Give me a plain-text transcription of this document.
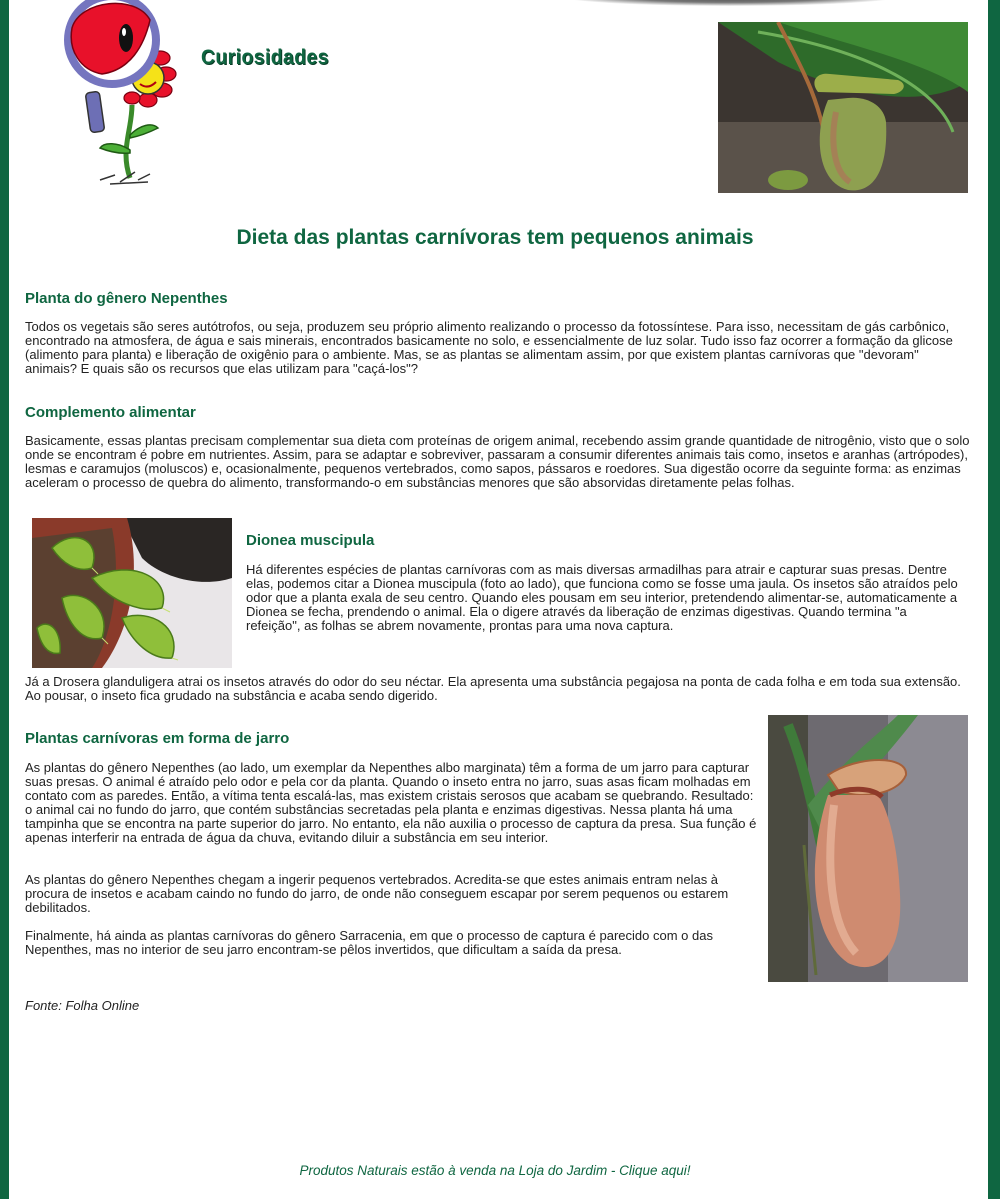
Curiosidades
Dieta das plantas carnívoras tem pequenos animais
Planta do gênero Nepenthes

Todos os vegetais são seres autótrofos, ou seja, produzem seu próprio alimento realizando o processo da fotossíntese. Para isso, necessitam de gás carbônico, encontrado na atmosfera, de água e sais minerais, encontrados basicamente no solo, e essencialmente de luz solar. Tudo isso faz ocorrer a formação da glicose (alimento para planta) e liberação de oxigênio para o ambiente. Mas, se as plantas se alimentam assim, por que existem plantas carnívoras que "devoram" animais? E quais são os recursos que elas utilizam para "caçá-los"?

Complemento alimentar

Basicamente, essas plantas precisam complementar sua dieta com proteínas de origem animal, recebendo assim grande quantidade de nitrogênio, visto que o solo onde se encontram é pobre em nutrientes. Assim, para se adaptar e sobreviver, passaram a consumir diferentes animais tais como, insetos e aranhas (artrópodes), lesmas e caramujos (moluscos) e, ocasionalmente, pequenos vertebrados, como sapos, pássaros e roedores. Sua digestão ocorre da seguinte forma: as enzimas aceleram o processo de quebra do alimento, transformando-o em substâncias menores que são absorvidas diretamente pelas folhas.

Dionea muscipula

Há diferentes espécies de plantas carnívoras com as mais diversas armadilhas para atrair e capturar suas presas. Dentre elas, podemos citar a Dionea muscipula (foto ao lado), que funciona como se fosse uma jaula. Os insetos são atraídos pelo odor que a planta exala de seu centro. Quando eles pousam em seu interior, pretendendo alimentar-se, automaticamente a Dionea se fecha, prendendo o animal. Ela o digere através da liberação de enzimas digestivas. Quando termina "a refeição", as folhas se abrem novamente, prontas para uma nova captura.

Já a Drosera glanduligera atrai os insetos através do odor do seu néctar. Ela apresenta uma substância pegajosa na ponta de cada folha e em toda sua extensão. Ao pousar, o inseto fica grudado na substância e acaba sendo digerido.

Plantas carnívoras em forma de jarro

As plantas do gênero Nepenthes (ao lado, um exemplar da Nepenthes albo marginata) têm a forma de um jarro para capturar suas presas. O animal é atraído pelo odor e pela cor da planta. Quando o inseto entra no jarro, suas asas ficam molhadas em contato com as paredes. Então, a vítima tenta escalá-las, mas existem cristais serosos que acabam se quebrando. Resultado: o animal cai no fundo do jarro, que contém substâncias secretadas pela planta e enzimas digestivas. Nessa planta há uma tampinha que se encontra na parte superior do jarro. No entanto, ela não auxilia o processo de captura da presa. Sua função é apenas interferir na entrada de água da chuva, evitando diluir a substância em seu interior.

As plantas do gênero Nepenthes chegam a ingerir pequenos vertebrados. Acredita-se que estes animais entram nelas à procura de insetos e acabam caindo no fundo do jarro, de onde não conseguem escapar por serem pequenos ou estarem debilitados.

Finalmente, há ainda as plantas carnívoras do gênero Sarracenia, em que o processo de captura é parecido com o das Nepenthes, mas no interior de seu jarro encontram-se pêlos invertidos, que dificultam a saída da presa.

Fonte: Folha Online

Produtos Naturais estão à venda na Loja do Jardim - Clique aqui!
